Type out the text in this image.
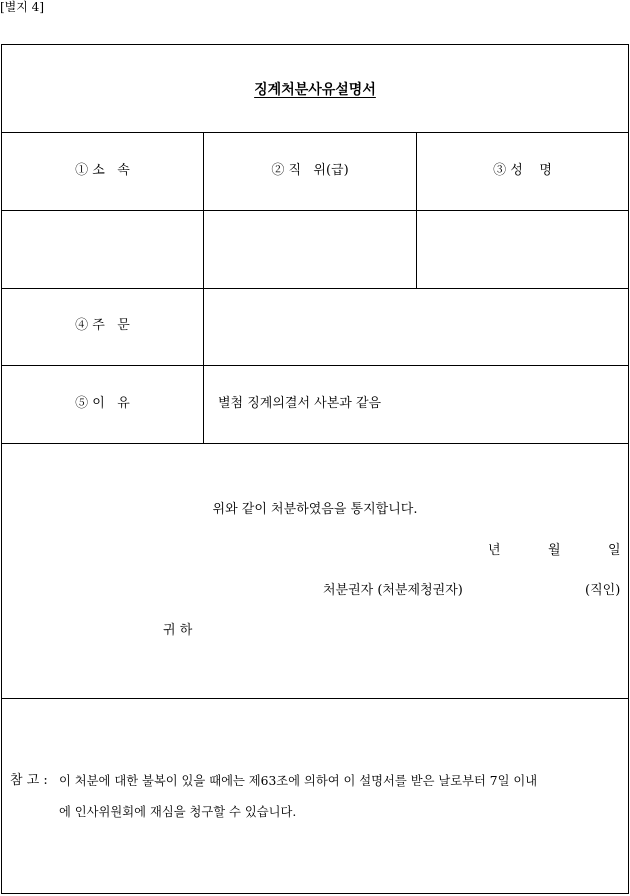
[별지 4]
징계처분사유설명서
① 소   속	② 직   위(급)	③ 성    명
④ 주   문
⑤ 이   유	별첨 징계의결서 사본과 같음
위와 같이 처분하였음을 통지합니다.
년	월	일
처분권자 (처분제청권자)	(직인)
귀 하
참 고 : 이 처분에 대한 불복이 있을 때에는 제63조에 의하여 이 설명서를 받은 날로부터 7일 이내
에 인사위원회에 재심을 청구할 수 있습니다.
